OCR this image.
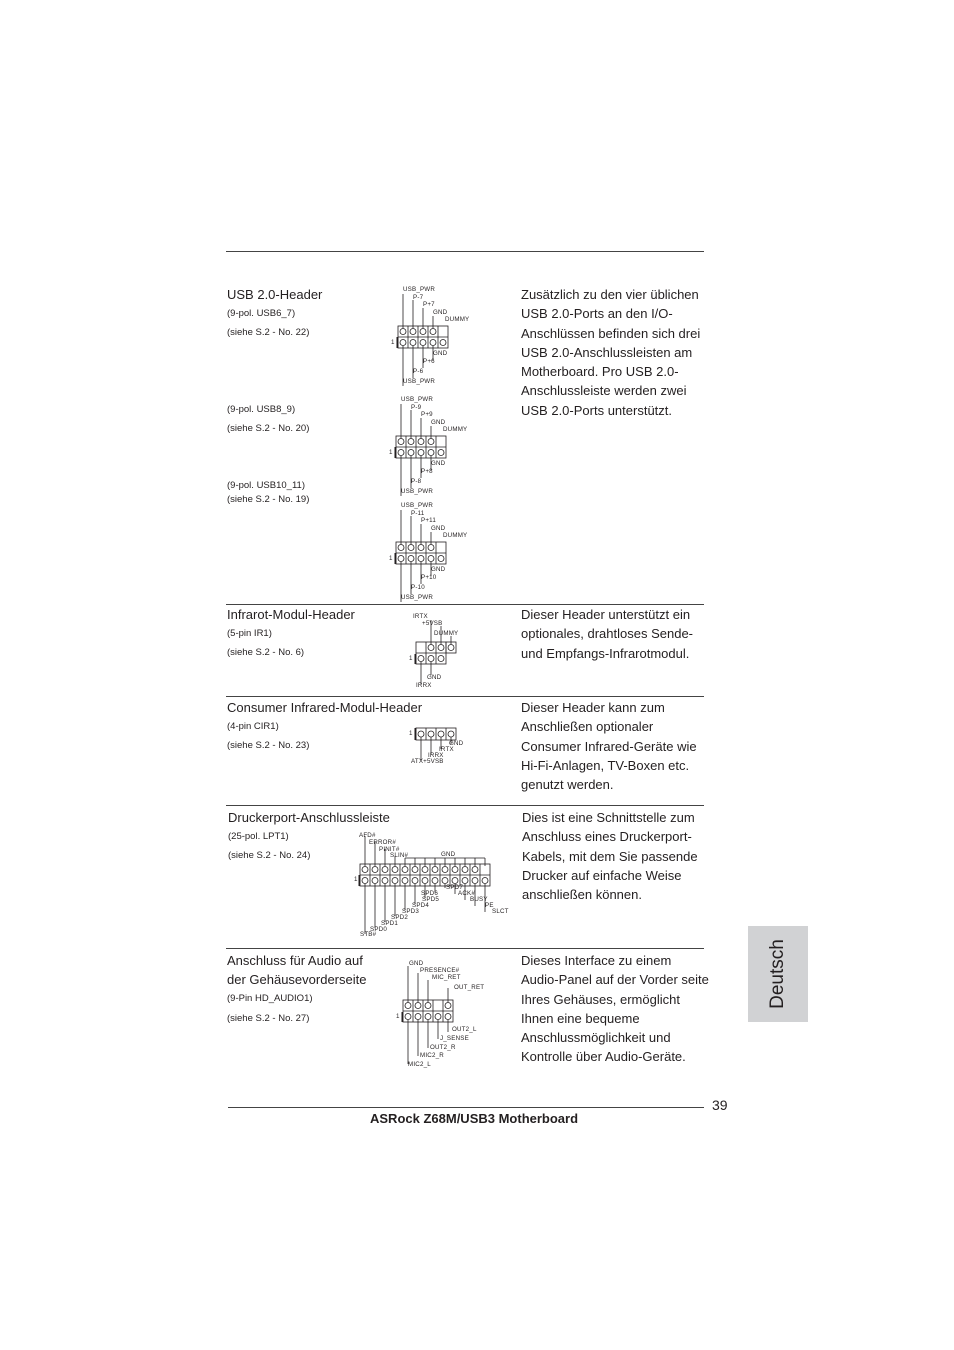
USB 2.0-Header
(9-pol. USB6_7)
(siehe S.2 - No. 22)
(9-pol. USB8_9)
(siehe S.2 - No. 20)
(9-pol. USB10_11)
(siehe S.2 - No. 19)
Zusätzlich zu den vier üblichen USB 2.0-Ports an den I/O-Anschlüssen befinden sich drei USB 2.0-Anschlussleisten am Motherboard. Pro USB 2.0-Anschlussleiste werden zwei USB 2.0-Ports unterstützt.
USB_PWR
P-7
P+7
GND
DUMMY
1
GND
P+6
P-6
USB_PWR
USB_PWR
P-9
P+9
GND
DUMMY
1
GND
P+8
P-8
USB_PWR
USB_PWR
P-11
P+11
GND
DUMMY
1
GND
P+10
P-10
USB_PWR
Infrarot-Modul-Header
(5-pin IR1)
(siehe S.2 - No. 6)
Dieser Header unterstützt ein optionales, drahtloses Sende- und Empfangs-Infrarotmodul.
IRTX
+5VSB
DUMMY
1
GND
IRRX
Consumer Infrared-Modul-Header
(4-pin CIR1)
(siehe S.2 - No. 23)
Dieser Header kann zum Anschließen optionaler Consumer Infrared-Geräte wie Hi-Fi-Anlagen, TV-Boxen etc. genutzt werden.
1
GND
IRTX
IRRX
ATX+5VSB
Druckerport-Anschlussleiste
(25-pol. LPT1)
(siehe S.2 - No. 24)
Dies ist eine Schnittstelle zum Anschluss eines Druckerport-Kabels, mit dem Sie passende Drucker auf einfache Weise anschließen können.
AFD#
ERROR#
PINIT#
SLIN#	GND
1
SPD7
SPD6	ACK#
SPD5	BUSY
SPD4	PE
SPD3	SLCT
SPD2
SPD1
SPD0
STB#
Anschluss für Audio auf
der Gehäusevorderseite
(9-Pin HD_AUDIO1)
(siehe S.2 - No. 27)
Dieses Interface zu einem Audio-Panel auf der Vorder seite Ihres Gehäuses, ermöglicht Ihnen eine bequeme Anschlussmöglichkeit und Kontrolle über Audio-Geräte.
GND
PRESENCE#
MIC_RET
OUT_RET
1
OUT2_L
J_SENSE
OUT2_R
MIC2_R
MIC2_L
Deutsch
39
ASRock Z68M/USB3 Motherboard
